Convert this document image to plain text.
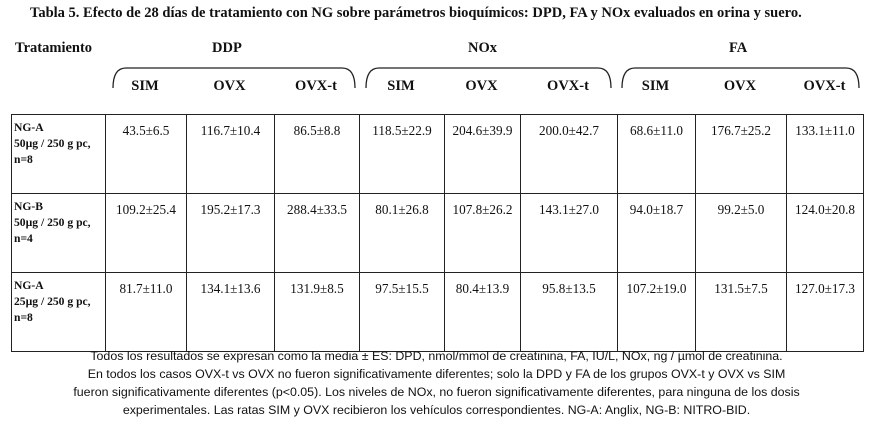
Tabla 5. Efecto de 28 días de tratamiento con NG sobre parámetros bioquímicos: DPD, FA y NOx evaluados en orina y suero.
Tratamiento	DDP	NOx	FA
SIM	OVX	OVX-t	SIM	OVX	OVX-t	SIM	OVX	OVX-t
NG-A
50µg / 250 g pc,
n=8	43.5±6.5	116.7±10.4	86.5±8.8	118.5±22.9	204.6±39.9	200.0±42.7	68.6±11.0	176.7±25.2	133.1±11.0

NG-B
50µg / 250 g pc,
n=4	109.2±25.4	195.2±17.3	288.4±33.5	80.1±26.8	107.8±26.2	143.1±27.0	94.0±18.7	99.2±5.0	124.0±20.8

NG-A
25µg / 250 g pc,
n=8	81.7±11.0	134.1±13.6	131.9±8.5	97.5±15.5	80.4±13.9	95.8±13.5	107.2±19.0	131.5±7.5	127.0±17.3
Todos los resultados se expresan como la media ± ES: DPD, nmol/mmol de creatinina, FA, IU/L, NOx, ng / µmol de creatinina.
En todos los casos OVX-t vs OVX no fueron significativamente diferentes; solo la DPD y FA de los grupos OVX-t y OVX vs SIM
fueron significativamente diferentes (p<0.05). Los niveles de NOx, no fueron significativamente diferentes, para ninguna de los dosis
experimentales. Las ratas SIM y OVX recibieron los vehículos correspondientes. NG-A: Anglix, NG-B: NITRO-BID.
